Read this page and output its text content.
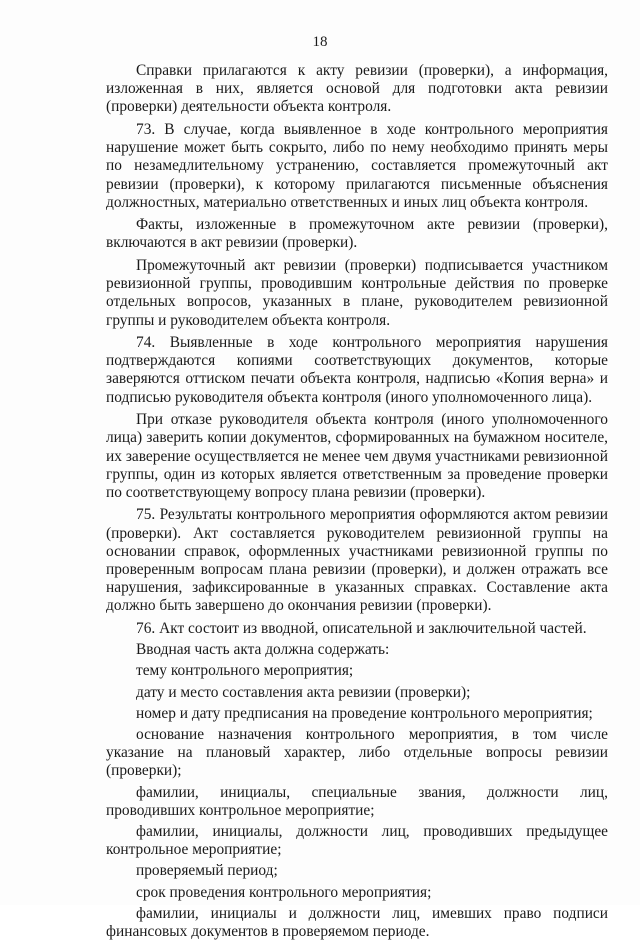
18

Справки прилагаются к акту ревизии (проверки), а информация, изложенная в них, является основой для подготовки акта ревизии (проверки) деятельности объекта контроля.

73. В случае, когда выявленное в ходе контрольного мероприятия нарушение может быть сокрыто, либо по нему необходимо принять меры по незамедлительному устранению, составляется промежуточный акт ревизии (проверки), к которому прилагаются письменные объяснения должностных, материально ответственных и иных лиц объекта контроля.

Факты, изложенные в промежуточном акте ревизии (проверки), включаются в акт ревизии (проверки).

Промежуточный акт ревизии (проверки) подписывается участником ревизионной группы, проводившим контрольные действия по проверке отдельных вопросов, указанных в плане, руководителем ревизионной группы и руководителем объекта контроля.

74. Выявленные в ходе контрольного мероприятия нарушения подтверждаются копиями соответствующих документов, которые заверяются оттиском печати объекта контроля, надписью «Копия верна» и подписью руководителя объекта контроля (иного уполномоченного лица).

При отказе руководителя объекта контроля (иного уполномоченного лица) заверить копии документов, сформированных на бумажном носителе, их заверение осуществляется не менее чем двумя участниками ревизионной группы, один из которых является ответственным за проведение проверки по соответствующему вопросу плана ревизии (проверки).

75. Результаты контрольного мероприятия оформляются актом ревизии (проверки). Акт составляется руководителем ревизионной группы на основании справок, оформленных участниками ревизионной группы по проверенным вопросам плана ревизии (проверки), и должен отражать все нарушения, зафиксированные в указанных справках. Составление акта должно быть завершено до окончания ревизии (проверки).

76. Акт состоит из вводной, описательной и заключительной частей.

Вводная часть акта должна содержать:

тему контрольного мероприятия;

дату и место составления акта ревизии (проверки);

номер и дату предписания на проведение контрольного мероприятия;

основание назначения контрольного мероприятия, в том числе указание на плановый характер, либо отдельные вопросы ревизии (проверки);

фамилии, инициалы, специальные звания, должности лиц, проводивших контрольное мероприятие;

фамилии, инициалы, должности лиц, проводивших предыдущее контрольное мероприятие;

проверяемый период;

срок проведения контрольного мероприятия;

фамилии, инициалы и должности лиц, имевших право подписи финансовых документов в проверяемом периоде.
